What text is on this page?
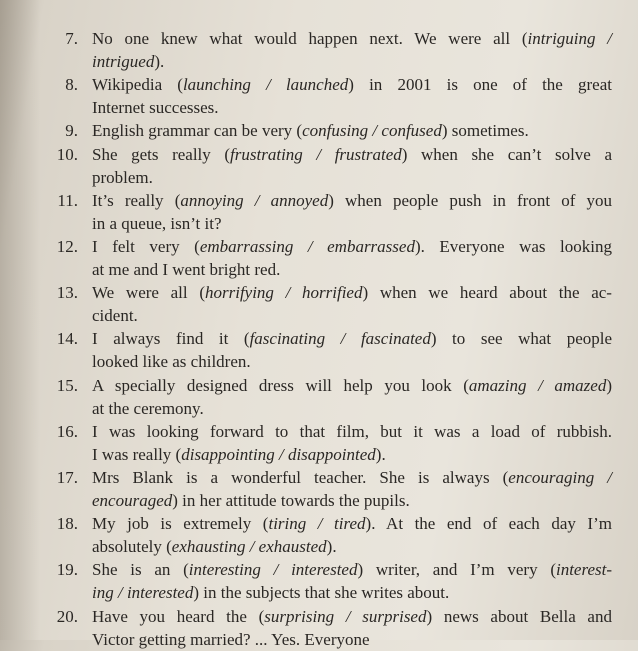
7. No one knew what would happen next. We were all (intriguing /
intrigued).
8. Wikipedia (launching / launched) in 2001 is one of the great
Internet successes.
9. English grammar can be very (confusing / confused) sometimes.
10. She gets really (frustrating / frustrated) when she can’t solve a
problem.
11. It’s really (annoying / annoyed) when people push in front of you
in a queue, isn’t it?
12. I felt very (embarrassing / embarrassed). Everyone was looking
at me and I went bright red.
13. We were all (horrifying / horrified) when we heard about the ac-
cident.
14. I always find it (fascinating / fascinated) to see what people
looked like as children.
15. A specially designed dress will help you look (amazing / amazed)
at the ceremony.
16. I was looking forward to that film, but it was a load of rubbish.
I was really (disappointing / disappointed).
17. Mrs Blank is a wonderful teacher. She is always (encouraging /
encouraged) in her attitude towards the pupils.
18. My job is extremely (tiring / tired). At the end of each day I’m
absolutely (exhausting / exhausted).
19. She is an (interesting / interested) writer, and I’m very (interest-
ing / interested) in the subjects that she writes about.
20. Have you heard the (surprising / surprised) news about Bella and
Victor getting married? ... Yes. Everyone
